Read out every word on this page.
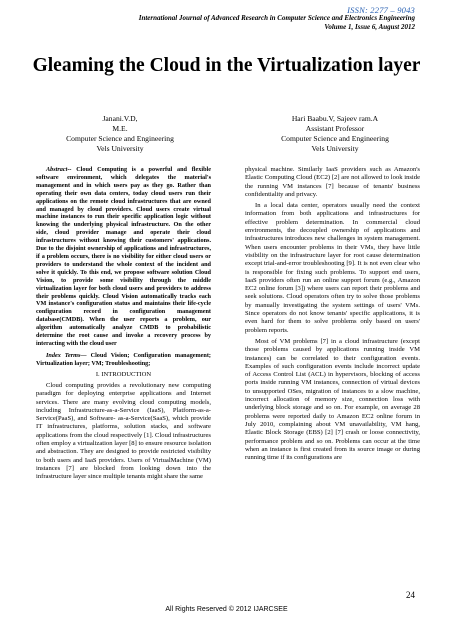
ISSN: 2277 – 9043
International Journal of Advanced Research in Computer Science and Electronics Engineering
Volume 1, Issue 6, August 2012
Gleaming the Cloud in the Virtualization layer
Janani.V.D,
M.E.
Computer Science and Engineering
Vels University
Hari Baabu.V, Sajeev ram.A
Assistant Professor
Computer Science and Engineering
Vels University

Abstract-- Cloud Computing is a powerful and flexible software environment, which delegates the material's management and in which users pay as they go. Rather than operating their own data centers, today cloud users run their applications on the remote cloud infrastructures that are owned and managed by cloud providers. Cloud users create virtual machine instances to run their specific application logic without knowing the underlying physical infrastructure. On the other side, cloud provider manage and operate their cloud infrastructures without knowing their customers' applications. Due to the disjoint ownership of applications and infrastructures, if a problem occurs, there is no visibility for either cloud users or providers to understand the whole context of the incident and solve it quickly. To this end, we propose software solution Cloud Vision, to provide some visibility through the middle virtualization layer for both cloud users and providers to address their problems quickly. Cloud Vision automatically tracks each VM instance's configuration status and maintains their life-cycle configuration record in configuration management database(CMDB). When the user reports a problem, our algorithm automatically analyze CMDB to probabilistic determine the root cause and invoke a recovery process by interacting with the cloud user

Index Terms— Cloud Vision; Configuration management; Virtualization layer; VM; Troubleshooting;

I. INTRODUCTION

Cloud computing provides a revolutionary new computing paradigm for deploying enterprise applications and Internet services. There are many evolving cloud computing models, including Infrastructure-as-a-Service (IaaS), Platform-as-a-Service(PaaS), and Software- as-a-Service(SaaS), which provide IT infrastructures, platforms, solution stacks, and software applications from the cloud respectively [1]. Cloud infrastructures often employ a virtualization layer [8] to ensure resource isolation and abstraction. They are designed to provide restricted visibility to both users and IaaS providers. Users of VirtualMachine (VM) instances [7] are blocked from looking down into the infrastructure layer since multiple tenants might share the same

physical machine. Similarly IaaS providers such as Amazon's Elastic Computing Cloud (EC2) [2] are not allowed to look inside the running VM instances [7] because of tenants' business confidentiality and privacy.

In a local data center, operators usually need the context information from both applications and infrastructures for effective problem determination. In commercial cloud environments, the decoupled ownership of applications and infrastructures introduces new challenges in system management. When users encounter problems in their VMs, they have little visibility on the infrastructure layer for root cause determination except trial-and-error troubleshooting [9]. It is not even clear who is responsible for fixing such problems. To support end users, IaaS providers often run an online support forum (e.g., Amazon EC2 online forum [3]) where users can report their problems and seek solutions. Cloud operators often try to solve those problems by manually investigating the system settings of users' VMs. Since operators do not know tenants' specific applications, it is even hard for them to solve problems only based on users' problem reports.

Most of VM problems [7] in a cloud infrastructure (except those problems caused by applications running inside VM instances) can be correlated to their configuration events. Examples of such configuration events include incorrect update of Access Control List (ACL) in hypervisors, blocking of access ports inside running VM instances, connection of virtual devices to unsupported OSes, migration of instances to a slow machine, incorrect allocation of memory size, connection loss with underlying block storage and so on. For example, on average 28 problems were reported daily to Amazon EC2 online forum in July 2010, complaining about VM unavailability, VM hang, Elastic Block Storage (EBS) [2] [7] crash or loose connectivity, performance problem and so on. Problems can occur at the time when an instance is first created from its source image or during running time if its configurations are

24
All Rights Reserved © 2012 IJARCSEE
